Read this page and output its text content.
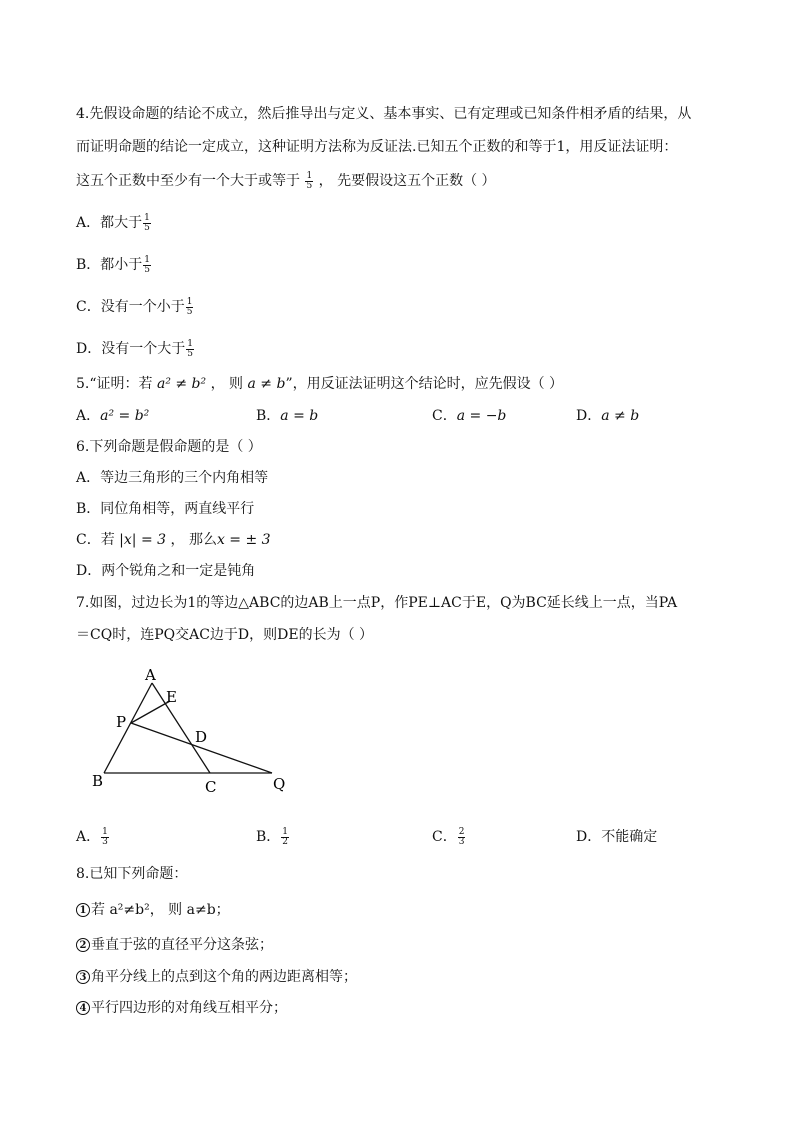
4.先假设命题的结论不成立，然后推导出与定义、基本事实、已有定理或已知条件相矛盾的结果，从
而证明命题的结论一定成立，这种证明方法称为反证法.已知五个正数的和等于1，用反证法证明：
这五个正数中至少有一个大于或等于 $\frac{1}{5}$ ， 先要假设这五个正数（ ）
A．都大于 $\frac{1}{5}$
B．都小于 $\frac{1}{5}$
C．没有一个小于 $\frac{1}{5}$
D．没有一个大于 $\frac{1}{5}$
5.“证明：若 a² ≠ b² ， 则 a ≠ b”，用反证法证明这个结论时，应先假设（ ）
A．a² = b²	B．a = b	C．a = −b	D．a ≠ b
6.下列命题是假命题的是（ ）
A．等边三角形的三个内角相等
B．同位角相等，两直线平行
C．若 |x| = 3 ， 那么x = ± 3
D．两个锐角之和一定是钝角
7.如图，过边长为1的等边△ABC的边AB上一点P，作PE⊥AC于E，Q为BC延长线上一点，当PA
＝CQ时，连PQ交AC边于D，则DE的长为（ ）
A
E
P
D
B	C	Q
A． $\frac{1}{3}$	B． $\frac{1}{2}$	C． $\frac{2}{3}$	D．不能确定
8.已知下列命题：
1 若 a²≠b²， 则 a≠b；
2 垂直于弦的直径平分这条弦；
3 角平分线上的点到这个角的两边距离相等；
4 平行四边形的对角线互相平分；
